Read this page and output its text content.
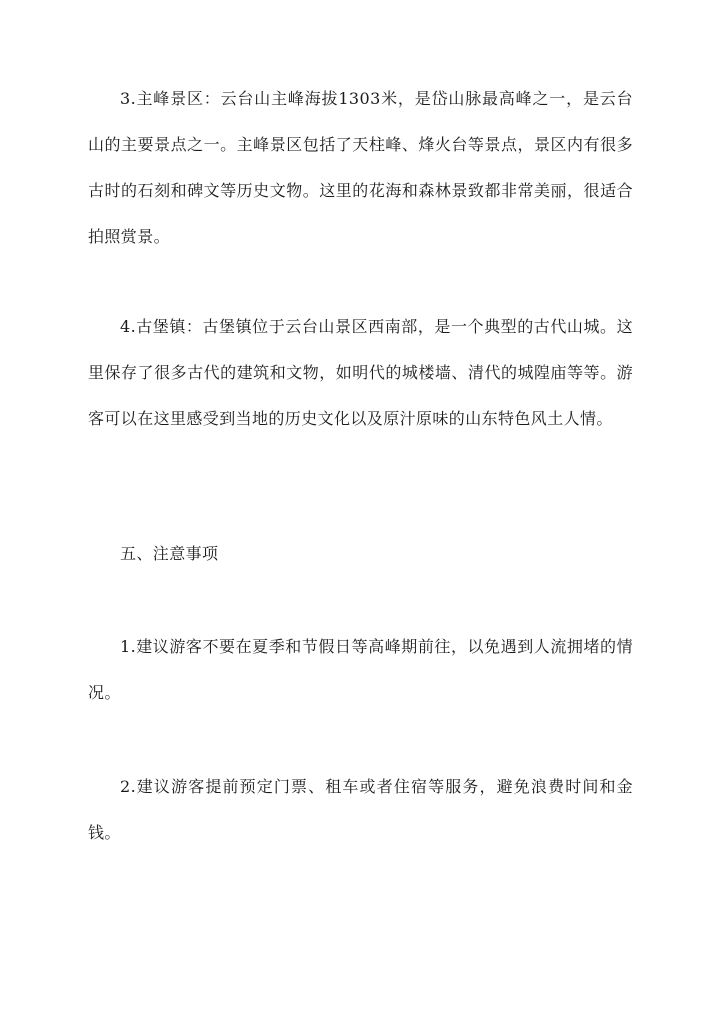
3.主峰景区：云台山主峰海拔1303米，是岱山脉最高峰之一，是云台山的主要景点之一。主峰景区包括了天柱峰、烽火台等景点，景区内有很多古时的石刻和碑文等历史文物。这里的花海和森林景致都非常美丽，很适合拍照赏景。

4.古堡镇：古堡镇位于云台山景区西南部，是一个典型的古代山城。这里保存了很多古代的建筑和文物，如明代的城楼墙、清代的城隍庙等等。游客可以在这里感受到当地的历史文化以及原汁原味的山东特色风土人情。

五、注意事项

1.建议游客不要在夏季和节假日等高峰期前往，以免遇到人流拥堵的情况。

2.建议游客提前预定门票、租车或者住宿等服务，避免浪费时间和金钱。
